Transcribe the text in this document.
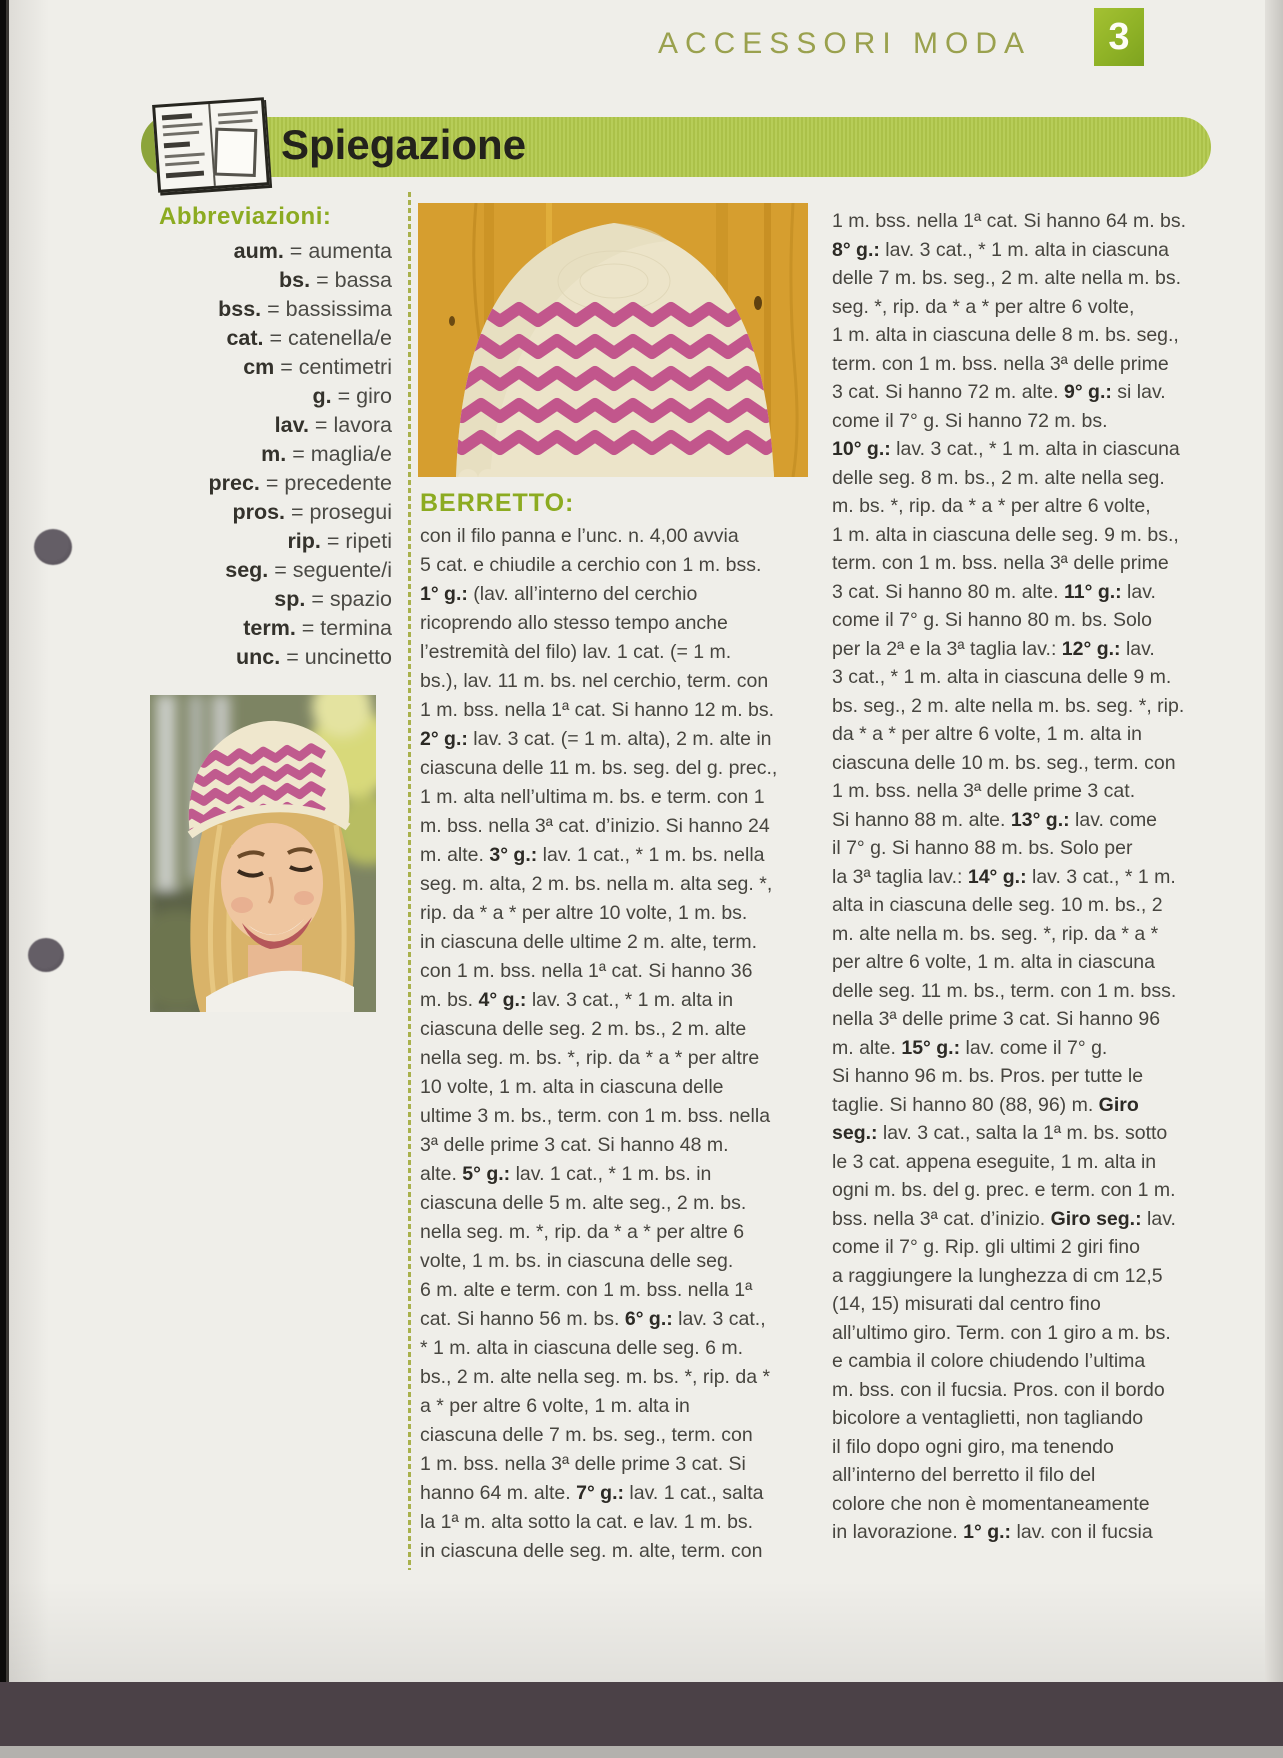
ACCESSORI MODA 3
Spiegazione
Abbreviazioni:
aum. = aumenta
bs. = bassa
bss. = bassissima
cat. = catenella/e
cm = centimetri
g. = giro
lav. = lavora
m. = maglia/e
prec. = precedente
pros. = prosegui
rip. = ripeti
seg. = seguente/i
sp. = spazio
term. = termina
unc. = uncinetto
BERRETTO:
con il filo panna e l’unc. n. 4,00 avvia
5 cat. e chiudile a cerchio con 1 m. bss.
1° g.: (lav. all’interno del cerchio
ricoprendo allo stesso tempo anche
l’estremità del filo) lav. 1 cat. (= 1 m.
bs.), lav. 11 m. bs. nel cerchio, term. con
1 m. bss. nella 1ª cat. Si hanno 12 m. bs.
2° g.: lav. 3 cat. (= 1 m. alta), 2 m. alte in
ciascuna delle 11 m. bs. seg. del g. prec.,
1 m. alta nell’ultima m. bs. e term. con 1
m. bss. nella 3ª cat. d’inizio. Si hanno 24
m. alte. 3° g.: lav. 1 cat., * 1 m. bs. nella
seg. m. alta, 2 m. bs. nella m. alta seg. *,
rip. da * a * per altre 10 volte, 1 m. bs.
in ciascuna delle ultime 2 m. alte, term.
con 1 m. bss. nella 1ª cat. Si hanno 36
m. bs. 4° g.: lav. 3 cat., * 1 m. alta in
ciascuna delle seg. 2 m. bs., 2 m. alte
nella seg. m. bs. *, rip. da * a * per altre
10 volte, 1 m. alta in ciascuna delle
ultime 3 m. bs., term. con 1 m. bss. nella
3ª delle prime 3 cat. Si hanno 48 m.
alte. 5° g.: lav. 1 cat., * 1 m. bs. in
ciascuna delle 5 m. alte seg., 2 m. bs.
nella seg. m. *, rip. da * a * per altre 6
volte, 1 m. bs. in ciascuna delle seg.
6 m. alte e term. con 1 m. bss. nella 1ª
cat. Si hanno 56 m. bs. 6° g.: lav. 3 cat.,
* 1 m. alta in ciascuna delle seg. 6 m.
bs., 2 m. alte nella seg. m. bs. *, rip. da *
a * per altre 6 volte, 1 m. alta in
ciascuna delle 7 m. bs. seg., term. con
1 m. bss. nella 3ª delle prime 3 cat. Si
hanno 64 m. alte. 7° g.: lav. 1 cat., salta
la 1ª m. alta sotto la cat. e lav. 1 m. bs.
in ciascuna delle seg. m. alte, term. con
1 m. bss. nella 1ª cat. Si hanno 64 m. bs.
8° g.: lav. 3 cat., * 1 m. alta in ciascuna
delle 7 m. bs. seg., 2 m. alte nella m. bs.
seg. *, rip. da * a * per altre 6 volte,
1 m. alta in ciascuna delle 8 m. bs. seg.,
term. con 1 m. bss. nella 3ª delle prime
3 cat. Si hanno 72 m. alte. 9° g.: si lav.
come il 7° g. Si hanno 72 m. bs.
10° g.: lav. 3 cat., * 1 m. alta in ciascuna
delle seg. 8 m. bs., 2 m. alte nella seg.
m. bs. *, rip. da * a * per altre 6 volte,
1 m. alta in ciascuna delle seg. 9 m. bs.,
term. con 1 m. bss. nella 3ª delle prime
3 cat. Si hanno 80 m. alte. 11° g.: lav.
come il 7° g. Si hanno 80 m. bs. Solo
per la 2ª e la 3ª taglia lav.: 12° g.: lav.
3 cat., * 1 m. alta in ciascuna delle 9 m.
bs. seg., 2 m. alte nella m. bs. seg. *, rip.
da * a * per altre 6 volte, 1 m. alta in
ciascuna delle 10 m. bs. seg., term. con
1 m. bss. nella 3ª delle prime 3 cat.
Si hanno 88 m. alte. 13° g.: lav. come
il 7° g. Si hanno 88 m. bs. Solo per
la 3ª taglia lav.: 14° g.: lav. 3 cat., * 1 m.
alta in ciascuna delle seg. 10 m. bs., 2
m. alte nella m. bs. seg. *, rip. da * a *
per altre 6 volte, 1 m. alta in ciascuna
delle seg. 11 m. bs., term. con 1 m. bss.
nella 3ª delle prime 3 cat. Si hanno 96
m. alte. 15° g.: lav. come il 7° g.
Si hanno 96 m. bs. Pros. per tutte le
taglie. Si hanno 80 (88, 96) m. Giro
seg.: lav. 3 cat., salta la 1ª m. bs. sotto
le 3 cat. appena eseguite, 1 m. alta in
ogni m. bs. del g. prec. e term. con 1 m.
bss. nella 3ª cat. d’inizio. Giro seg.: lav.
come il 7° g. Rip. gli ultimi 2 giri fino
a raggiungere la lunghezza di cm 12,5
(14, 15) misurati dal centro fino
all’ultimo giro. Term. con 1 giro a m. bs.
e cambia il colore chiudendo l’ultima
m. bss. con il fucsia. Pros. con il bordo
bicolore a ventaglietti, non tagliando
il filo dopo ogni giro, ma tenendo
all’interno del berretto il filo del
colore che non è momentaneamente
in lavorazione. 1° g.: lav. con il fucsia
